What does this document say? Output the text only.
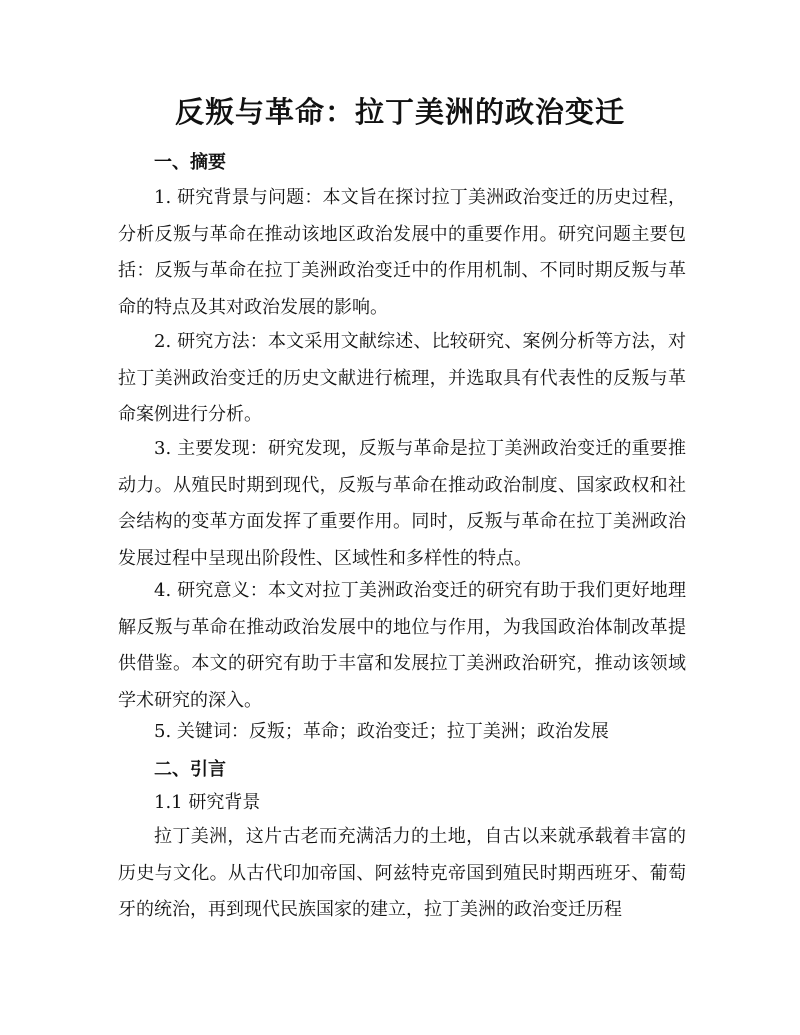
反叛与革命：拉丁美洲的政治变迁
一、摘要

1. 研究背景与问题：本文旨在探讨拉丁美洲政治变迁的历史过程，分析反叛与革命在推动该地区政治发展中的重要作用。研究问题主要包括：反叛与革命在拉丁美洲政治变迁中的作用机制、不同时期反叛与革命的特点及其对政治发展的影响。

2. 研究方法：本文采用文献综述、比较研究、案例分析等方法，对拉丁美洲政治变迁的历史文献进行梳理，并选取具有代表性的反叛与革命案例进行分析。

3. 主要发现：研究发现，反叛与革命是拉丁美洲政治变迁的重要推动力。从殖民时期到现代，反叛与革命在推动政治制度、国家政权和社会结构的变革方面发挥了重要作用。同时，反叛与革命在拉丁美洲政治发展过程中呈现出阶段性、区域性和多样性的特点。

4. 研究意义：本文对拉丁美洲政治变迁的研究有助于我们更好地理解反叛与革命在推动政治发展中的地位与作用，为我国政治体制改革提供借鉴。本文的研究有助于丰富和发展拉丁美洲政治研究，推动该领域学术研究的深入。

5. 关键词：反叛；革命；政治变迁；拉丁美洲；政治发展

二、引言

1.1 研究背景

拉丁美洲，这片古老而充满活力的土地，自古以来就承载着丰富的历史与文化。从古代印加帝国、阿兹特克帝国到殖民时期西班牙、葡萄牙的统治，再到现代民族国家的建立，拉丁美洲的政治变迁历程
